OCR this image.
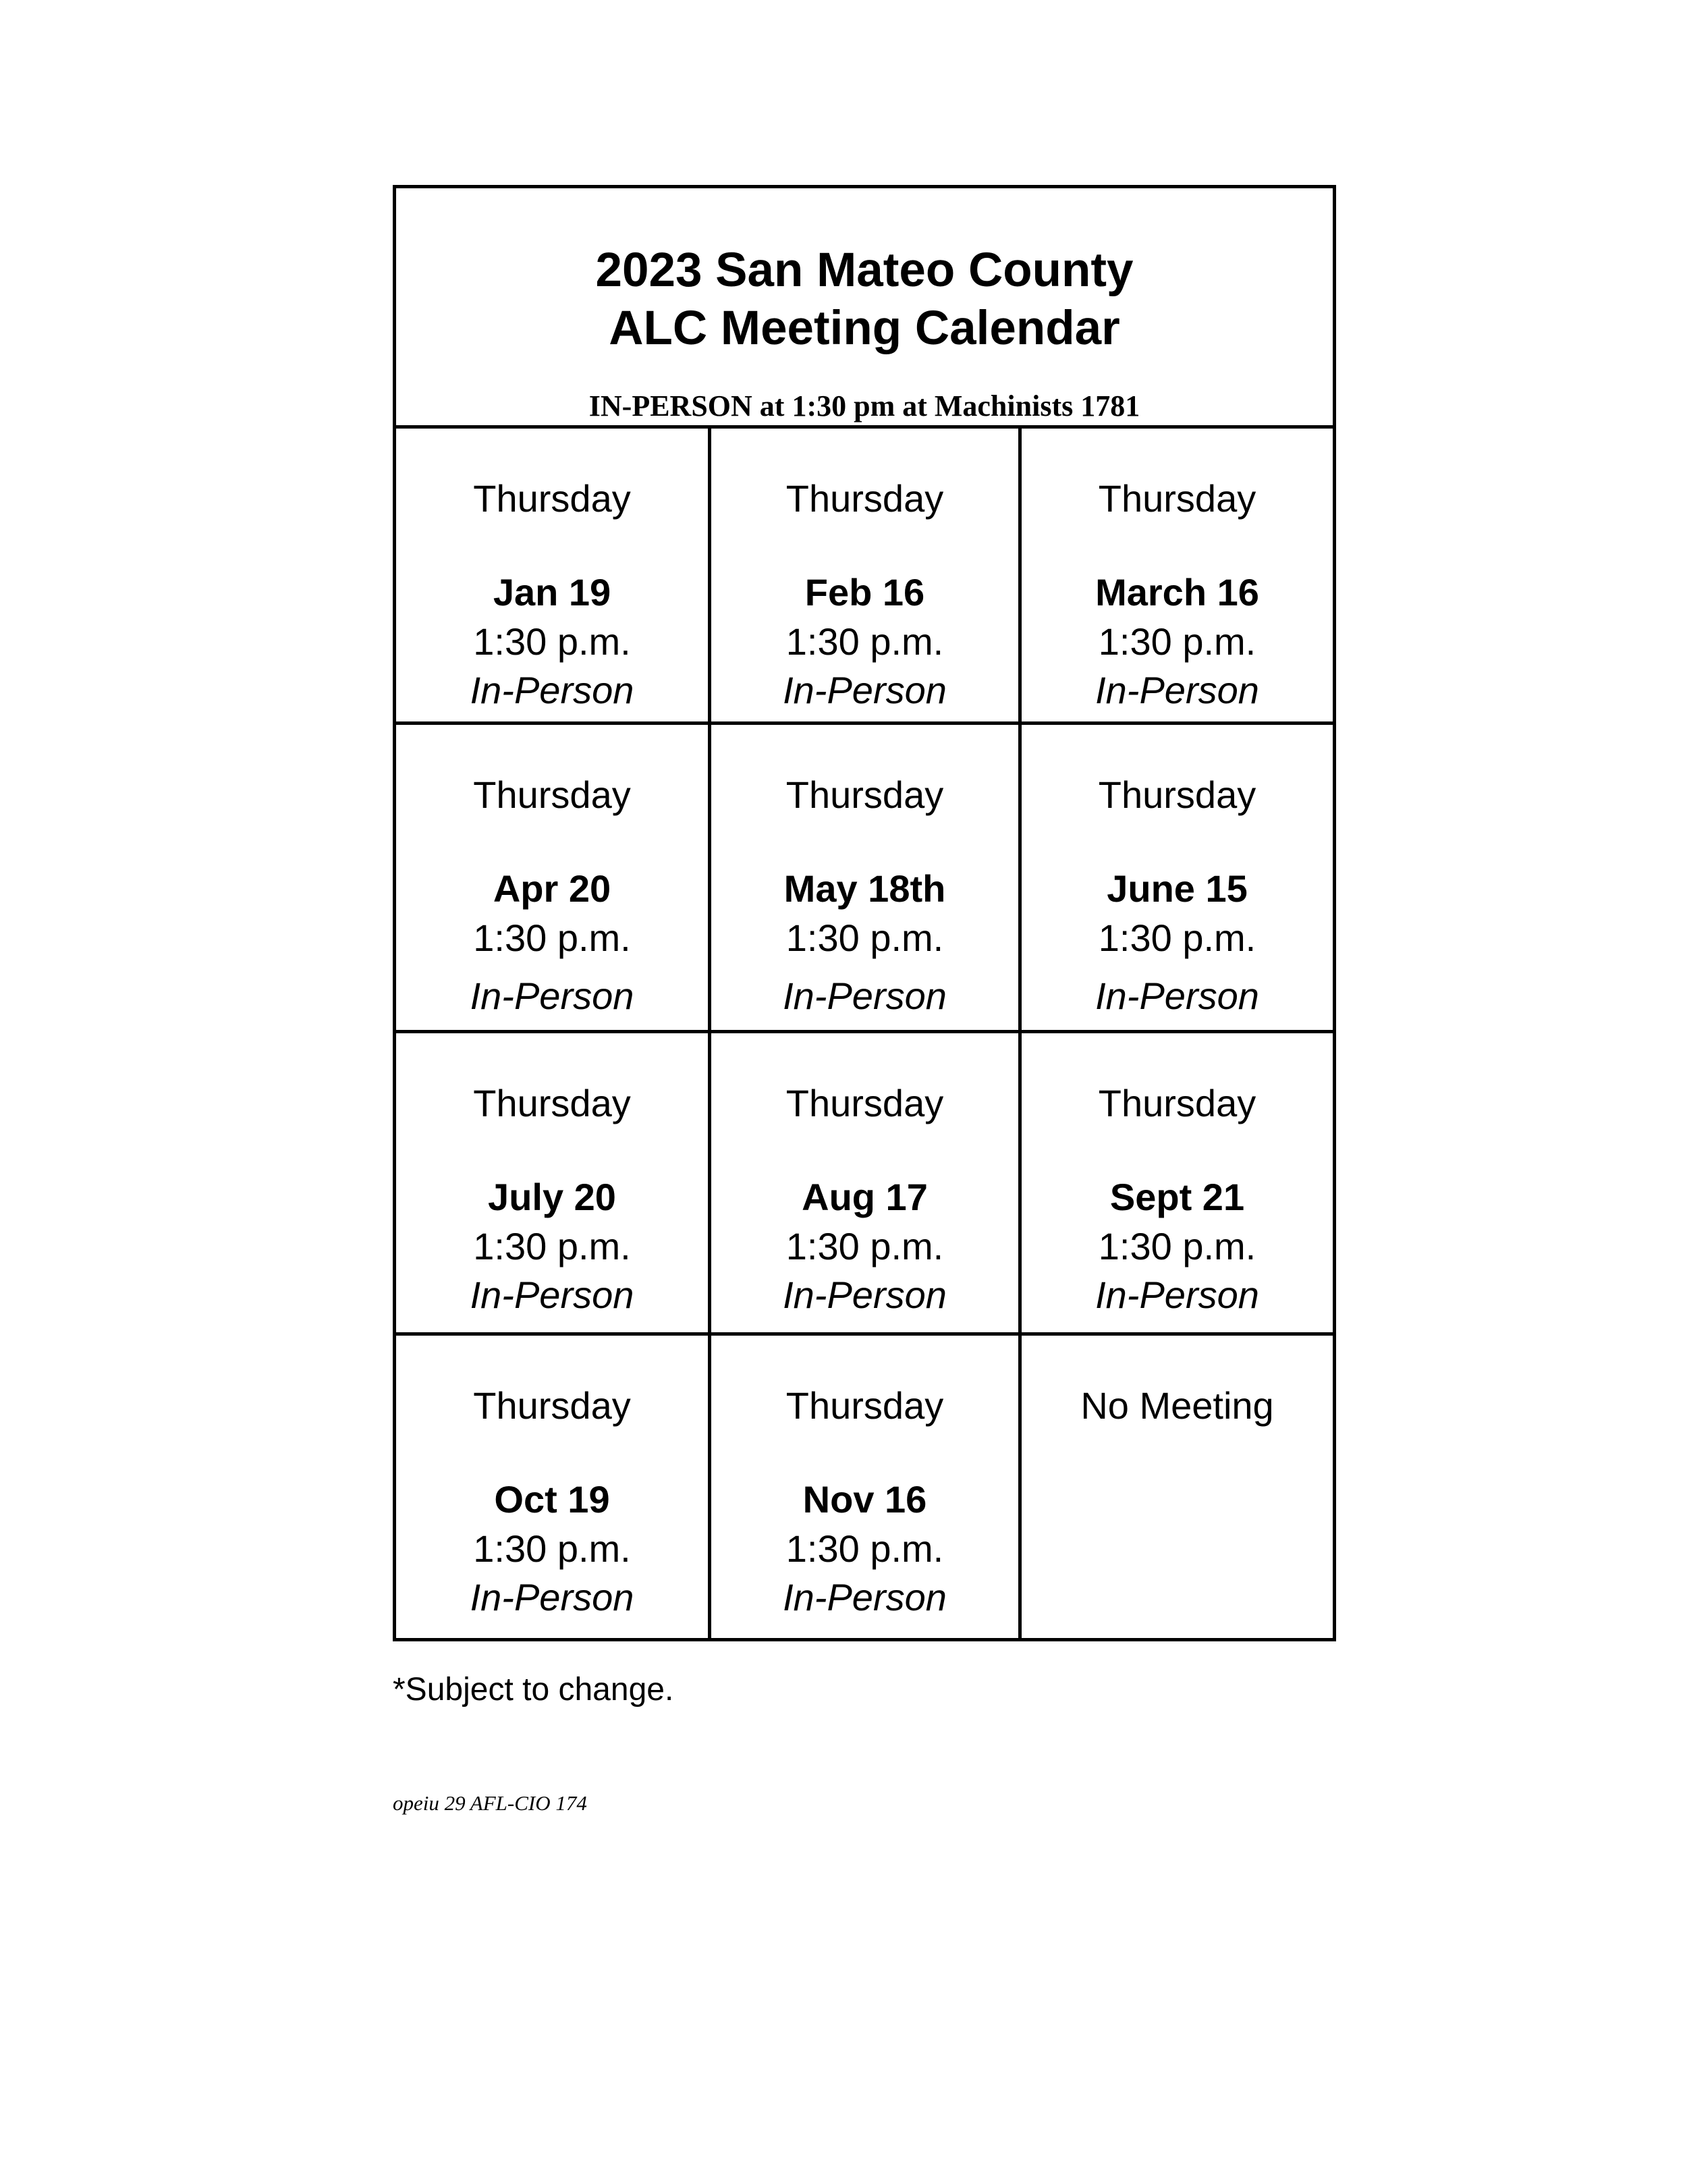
2023 San Mateo County
ALC Meeting Calendar
IN-PERSON at 1:30 pm at Machinists 1781
Thursday
Jan 19
1:30 p.m.
In-Person
Thursday
Feb 16
1:30 p.m.
In-Person
Thursday
March 16
1:30 p.m.
In-Person
Thursday
Apr 20
1:30 p.m.
In-Person
Thursday
May 18th
1:30 p.m.
In-Person
Thursday
June 15
1:30 p.m.
In-Person
Thursday
July 20
1:30 p.m.
In-Person
Thursday
Aug 17
1:30 p.m.
In-Person
Thursday
Sept 21
1:30 p.m.
In-Person
Thursday
Oct 19
1:30 p.m.
In-Person
Thursday
Nov 16
1:30 p.m.
In-Person
No Meeting
*Subject to change.
opeiu 29 AFL-CIO 174
